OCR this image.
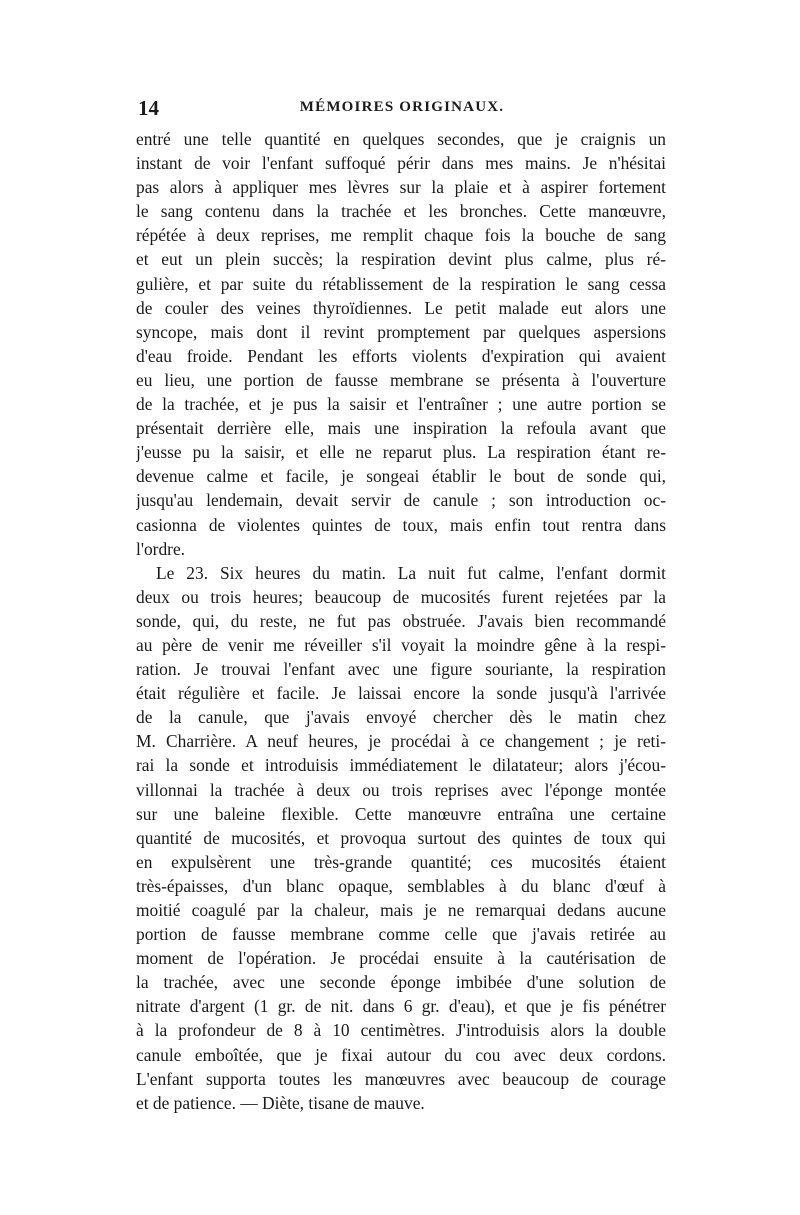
14	MÉMOIRES ORIGINAUX.
entré une telle quantité en quelques secondes, que je craignis un
instant de voir l'enfant suffoqué périr dans mes mains. Je n'hésitai
pas alors à appliquer mes lèvres sur la plaie et à aspirer fortement
le sang contenu dans la trachée et les bronches. Cette manœuvre,
répétée à deux reprises, me remplit chaque fois la bouche de sang
et eut un plein succès; la respiration devint plus calme, plus ré-
gulière, et par suite du rétablissement de la respiration le sang cessa
de couler des veines thyroïdiennes. Le petit malade eut alors une
syncope, mais dont il revint promptement par quelques aspersions
d'eau froide. Pendant les efforts violents d'expiration qui avaient
eu lieu, une portion de fausse membrane se présenta à l'ouverture
de la trachée, et je pus la saisir et l'entraîner ; une autre portion se
présentait derrière elle, mais une inspiration la refoula avant que
j'eusse pu la saisir, et elle ne reparut plus. La respiration étant re-
devenue calme et facile, je songeai établir le bout de sonde qui,
jusqu'au lendemain, devait servir de canule ; son introduction oc-
casionna de violentes quintes de toux, mais enfin tout rentra dans
l'ordre.
Le 23. Six heures du matin. La nuit fut calme, l'enfant dormit
deux ou trois heures; beaucoup de mucosités furent rejetées par la
sonde, qui, du reste, ne fut pas obstruée. J'avais bien recommandé
au père de venir me réveiller s'il voyait la moindre gêne à la respi-
ration. Je trouvai l'enfant avec une figure souriante, la respiration
était régulière et facile. Je laissai encore la sonde jusqu'à l'arrivée
de la canule, que j'avais envoyé chercher dès le matin chez
M. Charrière. A neuf heures, je procédai à ce changement ; je reti-
rai la sonde et introduisis immédiatement le dilatateur; alors j'écou-
villonnai la trachée à deux ou trois reprises avec l'éponge montée
sur une baleine flexible. Cette manœuvre entraîna une certaine
quantité de mucosités, et provoqua surtout des quintes de toux qui
en expulsèrent une très-grande quantité; ces mucosités étaient
très-épaisses, d'un blanc opaque, semblables à du blanc d'œuf à
moitié coagulé par la chaleur, mais je ne remarquai dedans aucune
portion de fausse membrane comme celle que j'avais retirée au
moment de l'opération. Je procédai ensuite à la cautérisation de
la trachée, avec une seconde éponge imbibée d'une solution de
nitrate d'argent (1 gr. de nit. dans 6 gr. d'eau), et que je fis pénétrer
à la profondeur de 8 à 10 centimètres. J'introduisis alors la double
canule emboîtée, que je fixai autour du cou avec deux cordons.
L'enfant supporta toutes les manœuvres avec beaucoup de courage
et de patience. — Diète, tisane de mauve.
